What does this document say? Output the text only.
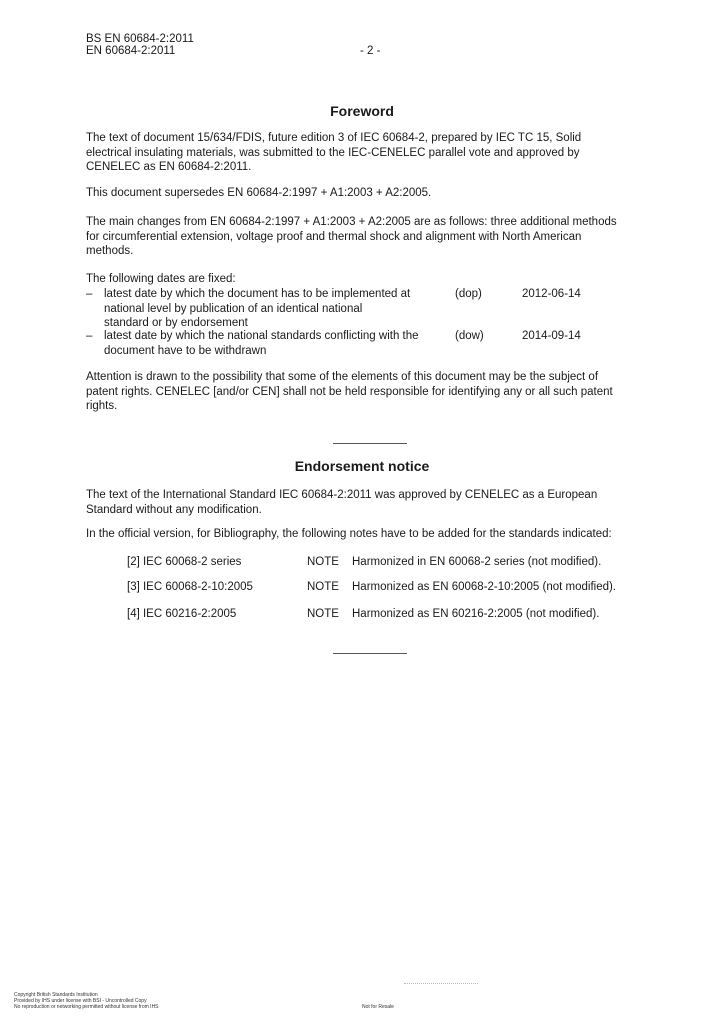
BS EN 60684-2:2011
EN 60684-2:2011	- 2 -
Foreword
The text of document 15/634/FDIS, future edition 3 of IEC 60684-2, prepared by IEC TC 15, Solid
electrical insulating materials, was submitted to the IEC-CENELEC parallel vote and approved by
CENELEC as EN 60684-2:2011.
This document supersedes EN 60684-2:1997 + A1:2003 + A2:2005.
The main changes from EN 60684-2:1997 + A1:2003 + A2:2005 are as follows: three additional methods
for circumferential extension, voltage proof and thermal shock and alignment with North American
methods.
The following dates are fixed:
– latest date by which the document has to be implemented at
national level by publication of an identical national
standard or by endorsement
(dop)	2012-06-14
– latest date by which the national standards conflicting with the
document have to be withdrawn
(dow)	2014-09-14
Attention is drawn to the possibility that some of the elements of this document may be the subject of
patent rights. CENELEC [and/or CEN] shall not be held responsible for identifying any or all such patent
rights.
Endorsement notice
The text of the International Standard IEC 60684-2:2011 was approved by CENELEC as a European
Standard without any modification.
In the official version, for Bibliography, the following notes have to be added for the standards indicated:
[2] IEC 60068-2 series	NOTE Harmonized in EN 60068-2 series (not modified).
[3] IEC 60068-2-10:2005	NOTE Harmonized as EN 60068-2-10:2005 (not modified).
[4] IEC 60216-2:2005	NOTE Harmonized as EN 60216-2:2005 (not modified).
Copyright British Standards Institution
Provided by IHS under license with BSI - Uncontrolled Copy
No reproduction or networking permitted without license from IHS	Not for Resale
